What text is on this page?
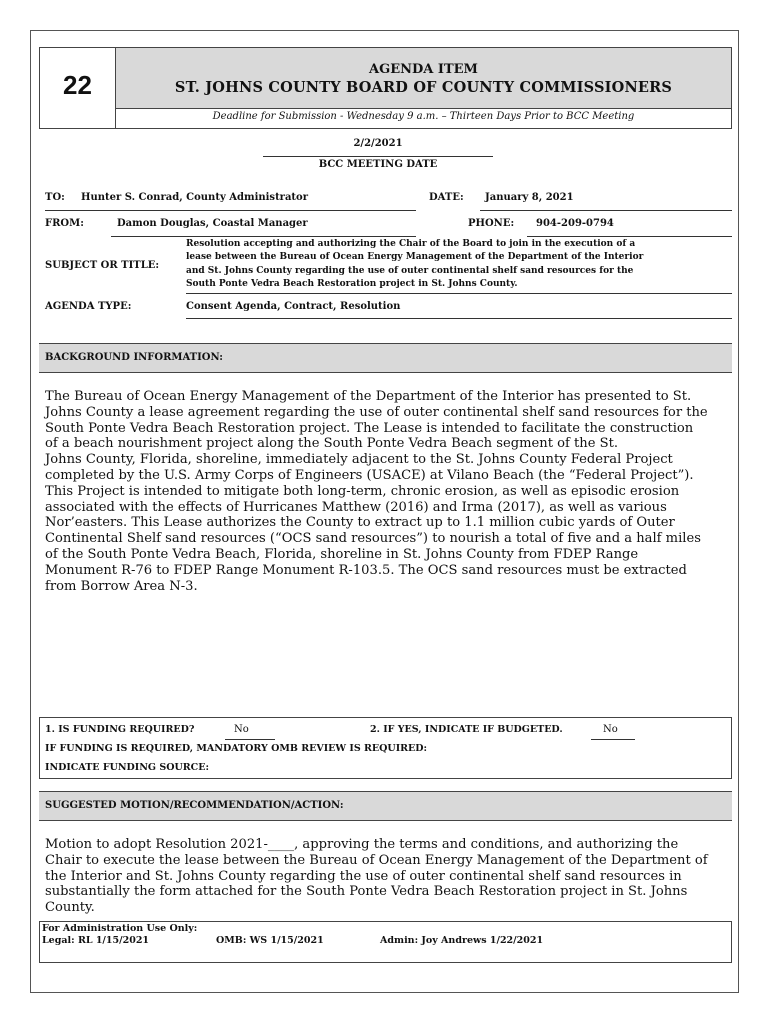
22
AGENDA ITEM
ST. JOHNS COUNTY BOARD OF COUNTY COMMISSIONERS
Deadline for Submission - Wednesday 9 a.m. – Thirteen Days Prior to BCC Meeting
2/2/2021
BCC MEETING DATE
TO: Hunter S. Conrad, County Administrator	DATE: January 8, 2021
FROM:	Damon Douglas, Coastal Manager	PHONE: 904-209-0794
SUBJECT OR TITLE:
Resolution accepting and authorizing the Chair of the Board to join in the execution of a
lease between the Bureau of Ocean Energy Management of the Department of the Interior
and St. Johns County regarding the use of outer continental shelf sand resources for the
South Ponte Vedra Beach Restoration project in St. Johns County.
AGENDA TYPE:	Consent Agenda, Contract, Resolution
BACKGROUND INFORMATION:
The Bureau of Ocean Energy Management of the Department of the Interior has presented to St.
Johns County a lease agreement regarding the use of outer continental shelf sand resources for the
South Ponte Vedra Beach Restoration project. The Lease is intended to facilitate the construction
of a beach nourishment project along the South Ponte Vedra Beach segment of the St.
Johns County, Florida, shoreline, immediately adjacent to the St. Johns County Federal Project
completed by the U.S. Army Corps of Engineers (USACE) at Vilano Beach (the “Federal Project”).
This Project is intended to mitigate both long-term, chronic erosion, as well as episodic erosion
associated with the effects of Hurricanes Matthew (2016) and Irma (2017), as well as various
Nor’easters. This Lease authorizes the County to extract up to 1.1 million cubic yards of Outer
Continental Shelf sand resources (“OCS sand resources”) to nourish a total of five and a half miles
of the South Ponte Vedra Beach, Florida, shoreline in St. Johns County from FDEP Range
Monument R-76 to FDEP Range Monument R-103.5. The OCS sand resources must be extracted
from Borrow Area N-3.
1. IS FUNDING REQUIRED?	No	2. IF YES, INDICATE IF BUDGETED.	No
IF FUNDING IS REQUIRED, MANDATORY OMB REVIEW IS REQUIRED:
INDICATE FUNDING SOURCE:
SUGGESTED MOTION/RECOMMENDATION/ACTION:
Motion to adopt Resolution 2021-____, approving the terms and conditions, and authorizing the
Chair to execute the lease between the Bureau of Ocean Energy Management of the Department of
the Interior and St. Johns County regarding the use of outer continental shelf sand resources in
substantially the form attached for the South Ponte Vedra Beach Restoration project in St. Johns
County.
For Administration Use Only:
Legal: RL 1/15/2021	OMB: WS 1/15/2021	Admin: Joy Andrews 1/22/2021
